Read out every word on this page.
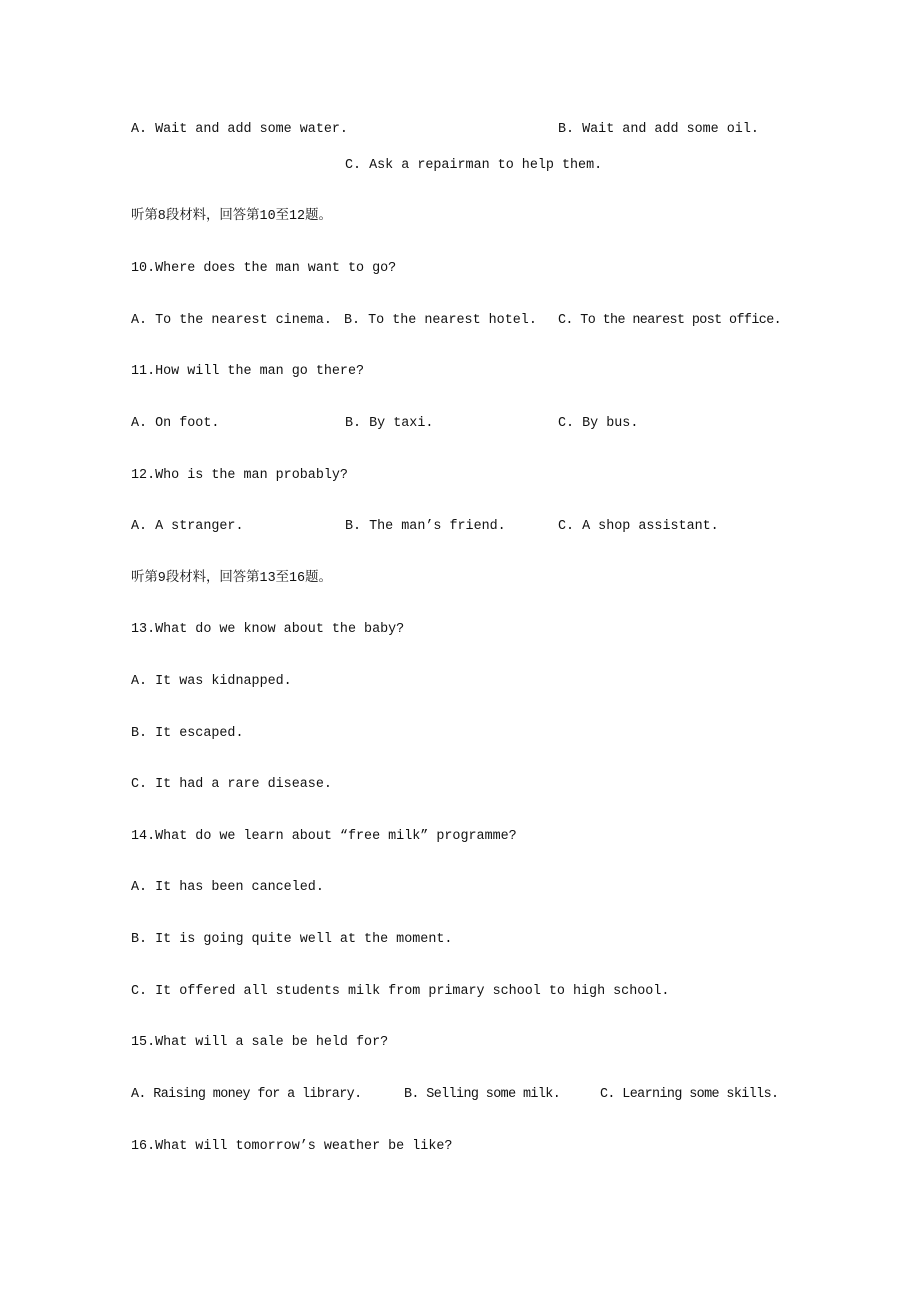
A. Wait and add some water.	B. Wait and add some oil.
C. Ask a repairman to help them.
听第8段材料，回答第10至12题。
10.Where does the man want to go?
A. To the nearest cinema. B. To the nearest hotel. C. To the nearest post office.
11.How will the man go there?
A. On foot.	B. By taxi.	C. By bus.
12.Who is the man probably?
A. A stranger.	B. The man’s friend.	C. A shop assistant.
听第9段材料，回答第13至16题。
13.What do we know about the baby?
A. It was kidnapped.
B. It escaped.
C. It had a rare disease.
14.What do we learn about “free milk” programme?
A. It has been canceled.
B. It is going quite well at the moment.
C. It offered all students milk from primary school to high school.
15.What will a sale be held for?
A. Raising money for a library.	B. Selling some milk.	C. Learning some skills.
16.What will tomorrow’s weather be like?
